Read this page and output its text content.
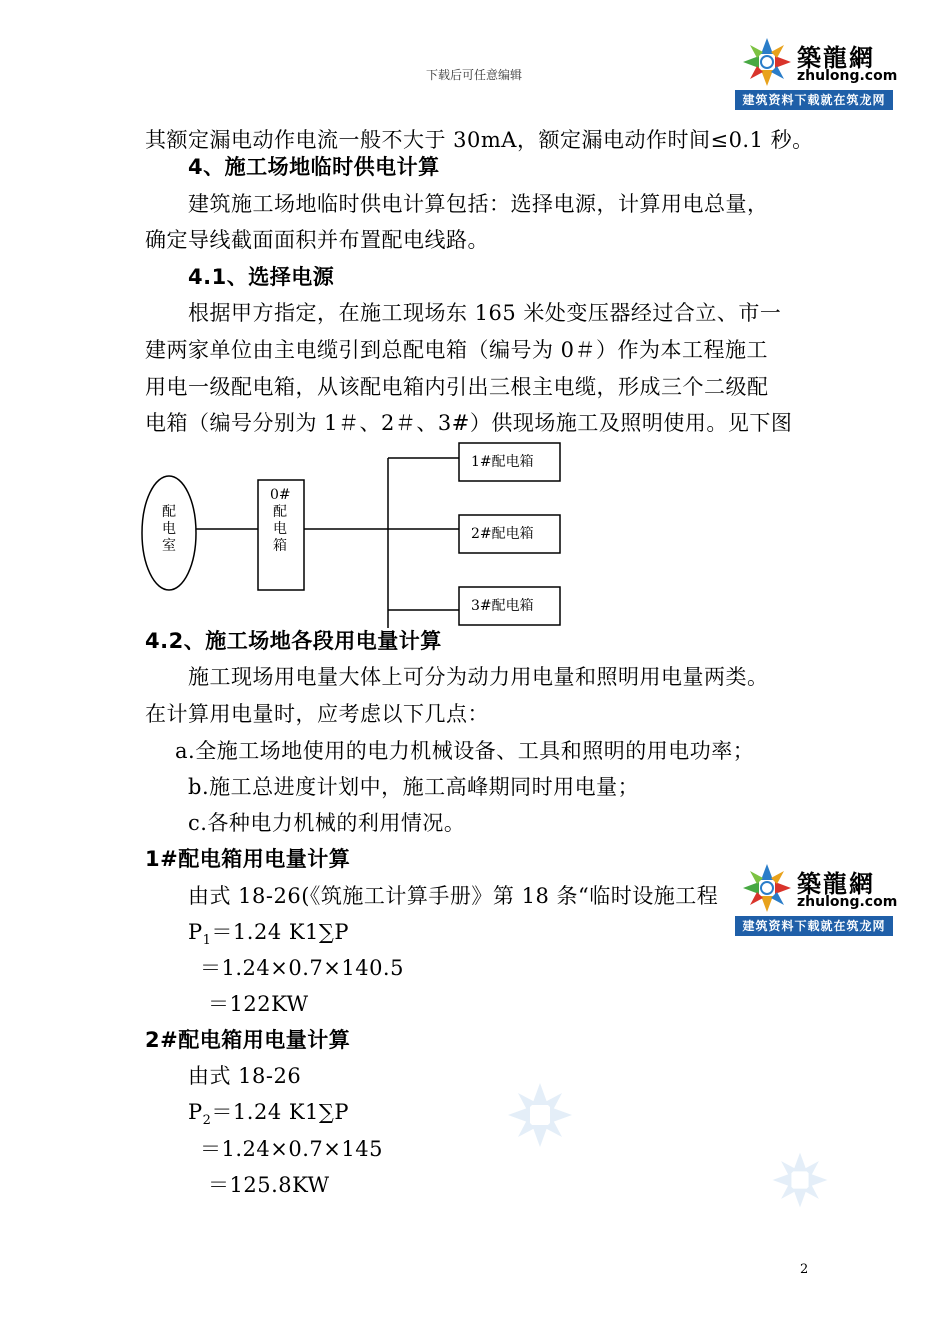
下载后可任意编辑
築龍網
zhulong.com
建筑资料下载就在筑龙网
其额定漏电动作电流一般不大于 30mA，额定漏电动作时间≤0.1 秒。
4、施工场地临时供电计算
建筑施工场地临时供电计算包括：选择电源，计算用电总量，
确定导线截面面积并布置配电线路。
4.1、选择电源
根据甲方指定，在施工现场东 165 米处变压器经过合立、市一
建两家单位由主电缆引到总配电箱（编号为 0＃）作为本工程施工
用电一级配电箱，从该配电箱内引出三根主电缆，形成三个二级配
电箱（编号分别为 1＃、2＃、3#）供现场施工及照明使用。见下图
配电室
0#
配电箱
1#配电箱
2#配电箱
3#配电箱
4.2、施工场地各段用电量计算
施工现场用电量大体上可分为动力用电量和照明用电量两类。
在计算用电量时，应考虑以下几点：
a.全施工场地使用的电力机械设备、工具和照明的用电功率；
b.施工总进度计划中，施工高峰期同时用电量；
c.各种电力机械的利用情况。
1#配电箱用电量计算
由式 18-26(《筑施工计算手册》第 18 条“临时设施工程
$P_1=1.24$ K1∑P
＝1.24×0.7×140.5
＝122KW
2#配电箱用电量计算
由式 18-26
$P_2=1.24$ K1∑P
＝1.24×0.7×145
＝125.8KW
築龍網
zhulong.com
建筑资料下载就在筑龙网
2
